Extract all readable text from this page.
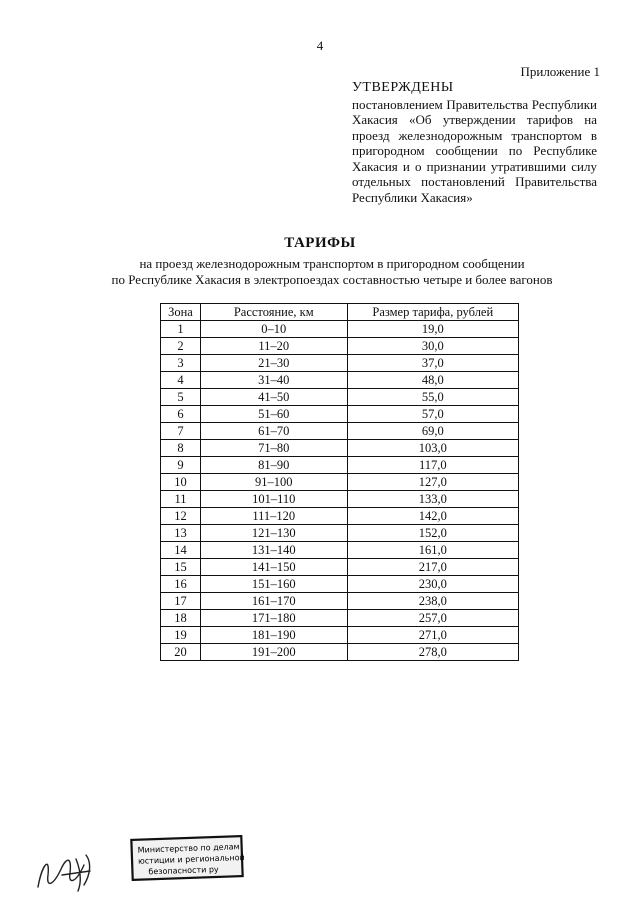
4
Приложение 1
УТВЕРЖДЕНЫ
постановлением Правительства Республики Хакасия «Об утверждении тарифов на проезд железнодорожным транспортом в пригородном сообщении по Республике Хакасия и о признании утратившими силу отдельных постановлений Правительства Республики Хакасия»
ТАРИФЫ
на проезд железнодорожным транспортом в пригородном сообщении
по Республике Хакасия в электропоездах составностью четыре и более вагонов
Зона	Расстояние, км	Размер тарифа, рублей
1	0–10	19,0
2	11–20	30,0
3	21–30	37,0
4	31–40	48,0
5	41–50	55,0
6	51–60	57,0
7	61–70	69,0
8	71–80	103,0
9	81–90	117,0
10	91–100	127,0
11	101–110	133,0
12	111–120	142,0
13	121–130	152,0
14	131–140	161,0
15	141–150	217,0
16	151–160	230,0
17	161–170	238,0
18	171–180	257,0
19	181–190	271,0
20	191–200	278,0
Министерство по делам
юстиции и региональной
безопасности ру
